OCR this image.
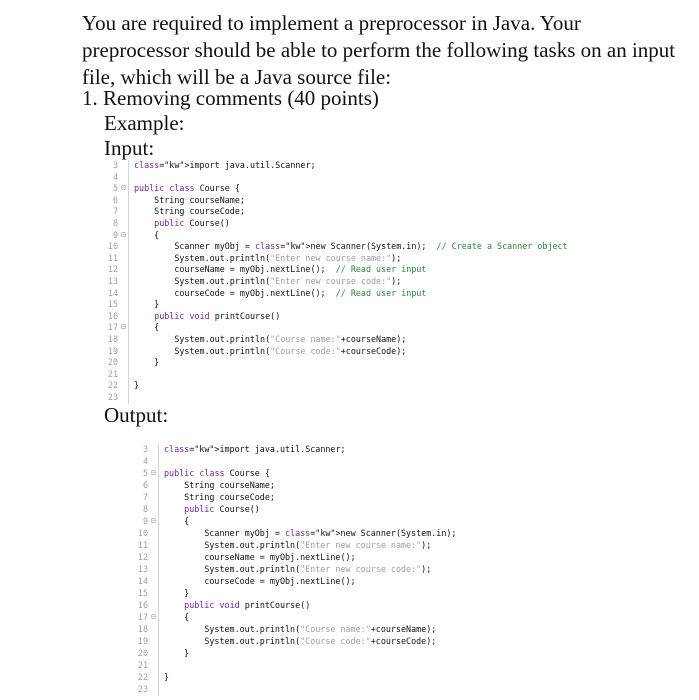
You are required to implement a preprocessor in Java. Your preprocessor should be able to perform the following tasks on an input file, which will be a Java source file:

1. Removing comments (40 points)
Example:
Input:
3 class="kw">import java.util.Scanner;
4
5 ⊟ public class Course {
6 String courseName;
7 String courseCode;
8	public Course()
9 ⊟ {
10 Scanner myObj = class="kw">new Scanner(System.in);  // Create a Scanner object
11 System.out.println("Enter new course name:");
12 courseName = myObj.nextLine();  // Read user input
13 System.out.println("Enter new course code:");
14 courseCode = myObj.nextLine();  // Read user input
15 }
16	public void printCourse()
17 ⊟ {
18 System.out.println("Course name:"+courseName);
19 System.out.println("Course code:"+courseCode);
20 }
21
22 }
23
Output:
3 class="kw">import java.util.Scanner;
4
5 ⊟ public class Course {
6 String courseName;
7 String courseCode;
8	public Course()
9 ⊟ {
10 Scanner myObj = class="kw">new Scanner(System.in);
11 System.out.println("Enter new course name:");
12 courseName = myObj.nextLine();
13 System.out.println("Enter new course code:");
14 courseCode = myObj.nextLine();
15 }
16	public void printCourse()
17 ⊟ {
18 System.out.println("Course name:"+courseName);
19 System.out.println("Course code:"+courseCode);
20 }
21
22 }
23
